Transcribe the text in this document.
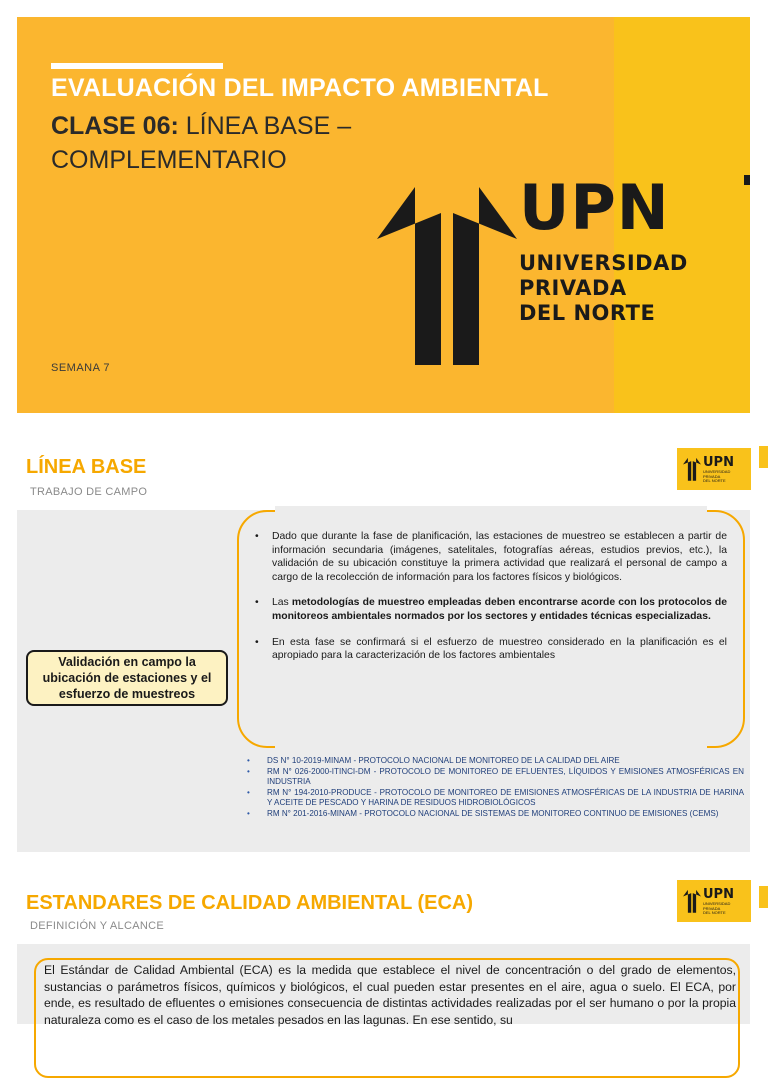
EVALUACIÓN DEL IMPACTO AMBIENTAL
CLASE 06: LÍNEA BASE –
COMPLEMENTARIO
SEMANA 7
UPN
UNIVERSIDAD
PRIVADA
DEL NORTE
LÍNEA BASE
TRABAJO DE CAMPO
UPN
UNIVERSIDAD
PRIVADA
DEL NORTE
Validación en campo la ubicación de estaciones y el esfuerzo de muestreos
• Dado que durante la fase de planificación, las estaciones de muestreo se establecen a partir de información secundaria (imágenes, satelitales, fotografías aéreas, estudios previos, etc.), la validación de su ubicación constituye la primera actividad que realizará el personal de campo a cargo de la recolección de información para los factores físicos y biológicos.
• Las metodologías de muestreo empleadas deben encontrarse acorde con los protocolos de monitoreos ambientales normados por los sectores y entidades técnicas especializadas.
• En esta fase se confirmará si el esfuerzo de muestreo considerado en la planificación es el apropiado para la caracterización de los factores ambientales
• DS N° 10-2019-MINAM - PROTOCOLO NACIONAL DE MONITOREO DE LA CALIDAD DEL AIRE
• RM N° 026-2000-ITINCI-DM - PROTOCOLO DE MONITOREO DE EFLUENTES, LÍQUIDOS Y EMISIONES ATMOSFÉRICAS EN INDUSTRIA
• RM N° 194-2010-PRODUCE - PROTOCOLO DE MONITOREO DE EMISIONES ATMOSFÉRICAS DE LA INDUSTRIA DE HARINA Y ACEITE DE PESCADO Y HARINA DE RESIDUOS HIDROBIOLÓGICOS
• RM N° 201-2016-MINAM - PROTOCOLO NACIONAL DE SISTEMAS DE MONITOREO CONTINUO DE EMISIONES (CEMS)
ESTANDARES DE CALIDAD AMBIENTAL (ECA)
DEFINICIÓN Y ALCANCE
UPN
UNIVERSIDAD
PRIVADA
DEL NORTE
El Estándar de Calidad Ambiental (ECA) es la medida que establece el nivel de concentración o del grado de elementos, sustancias o parámetros físicos, químicos y biológicos, el cual pueden estar presentes en el aire, agua o suelo. El ECA, por ende, es resultado de efluentes o emisiones consecuencia de distintas actividades realizadas por el ser humano o por la propia naturaleza como es el caso de los metales pesados en las lagunas. En ese sentido, su
